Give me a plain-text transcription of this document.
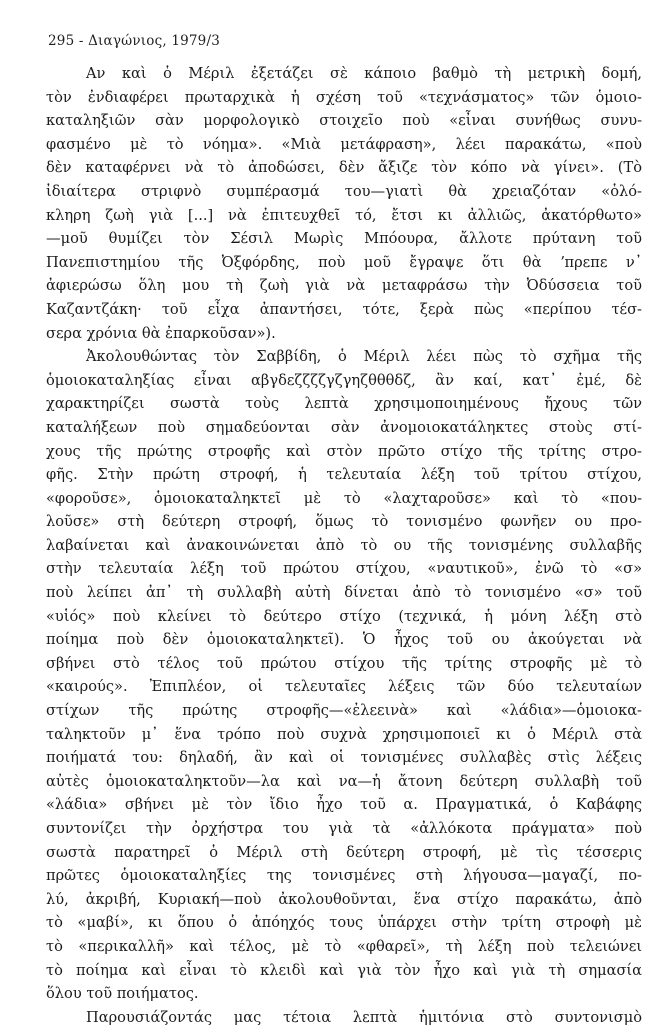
295 - Διαγώνιος, 1979/3
Αν καὶ ὁ Μέριλ ἐξετάζει σὲ κάποιο βαθμὸ τὴ μετρικὴ δομή,
τὸν ἐνδιαφέρει πρωταρχικὰ ἡ σχέση τοῦ «τεχνάσματος» τῶν ὁμοιο-
καταληξιῶν σὰν μορφολογικὸ στοιχεῖο ποὺ «εἶναι συνήθως συνυ-
φασμένο μὲ τὸ νόημα». «Μιὰ μετάφραση», λέει παρακάτω, «ποὺ
δὲν καταφέρνει νὰ τὸ ἀποδώσει, δὲν ἄξιζε τὸν κόπο νὰ γίνει». (Τὸ
ἰδιαίτερα στριφνὸ συμπέρασμά του—γιατὶ θὰ χρειαζόταν «ὁλό-
κληρη ζωὴ γιὰ [...] νὰ ἐπιτευχθεῖ τό, ἔτσι κι ἀλλιῶς, ἀκατόρθωτο»
—μοῦ θυμίζει τὸν Σέσιλ Μωρὶς Μπόουρα, ἄλλοτε πρύτανη τοῦ
Πανεπιστημίου τῆς Ὀξφόρδης, ποὺ μοῦ ἔγραψε ὅτι θὰ ʼπρεπε ν᾿
ἀφιερώσω ὅλη μου τὴ ζωὴ γιὰ νὰ μεταφράσω τὴν Ὀδύσσεια τοῦ
Καζαντζάκη· τοῦ εἶχα ἀπαντήσει, τότε, ξερὰ πὼς «περίπου τέσ-
σερα χρόνια θὰ ἐπαρκοῦσαν»).
Ἀκολουθώντας τὸν Σαββίδη, ὁ Μέριλ λέει πὼς τὸ σχῆμα τῆς
ὁμοιοκαταληξίας εἶναι αβγδεζζζζγζγηζθθθδζ, ἂν καί, κατ᾿ ἐμέ, δὲ
χαρακτηρίζει σωστὰ τοὺς λεπτὰ χρησιμοποιημένους ἤχους τῶν
καταλήξεων ποὺ σημαδεύονται σὰν ἀνομοιοκατάληκτες στοὺς στί-
χους τῆς πρώτης στροφῆς καὶ στὸν πρῶτο στίχο τῆς τρίτης στρο-
φῆς. Στὴν πρώτη στροφή, ἡ τελευταία λέξη τοῦ τρίτου στίχου,
«φοροῦσε», ὁμοιοκαταληκτεῖ μὲ τὸ «λαχταροῦσε» καὶ τὸ «που-
λοῦσε» στὴ δεύτερη στροφή, ὅμως τὸ τονισμένο φωνῆεν ου προ-
λαβαίνεται καὶ ἀνακοινώνεται ἀπὸ τὸ ου τῆς τονισμένης συλλαβῆς
στὴν τελευταία λέξη τοῦ πρώτου στίχου, «ναυτικοῦ», ἐνῶ τὸ «σ»
ποὺ λείπει ἀπ᾿ τὴ συλλαβὴ αὐτὴ δίνεται ἀπὸ τὸ τονισμένο «σ» τοῦ
«υἱός» ποὺ κλείνει τὸ δεύτερο στίχο (τεχνικά, ἡ μόνη λέξη στὸ
ποίημα ποὺ δὲν ὁμοιοκαταληκτεῖ). Ὁ ἦχος τοῦ ου ἀκούγεται νὰ
σβήνει στὸ τέλος τοῦ πρώτου στίχου τῆς τρίτης στροφῆς μὲ τὸ
«καιρούς». Ἐπιπλέον, οἱ τελευταῖες λέξεις τῶν δύο τελευταίων
στίχων τῆς πρώτης στροφῆς—«ἐλεεινὰ» καὶ «λάδια»—ὁμοιοκα-
ταληκτοῦν μ᾿ ἕνα τρόπο ποὺ συχνὰ χρησιμοποιεῖ κι ὁ Μέριλ στὰ
ποιήματά του: δηλαδή, ἂν καὶ οἱ τονισμένες συλλαβὲς στὶς λέξεις
αὐτὲς ὁμοιοκαταληκτοῦν—λα καὶ να—ἡ ἄτονη δεύτερη συλλαβὴ τοῦ
«λάδια» σβήνει μὲ τὸν ἴδιο ἦχο τοῦ α. Πραγματικά, ὁ Καβάφης
συντονίζει τὴν ὀρχήστρα του γιὰ τὰ «ἀλλόκοτα πράγματα» ποὺ
σωστὰ παρατηρεῖ ὁ Μέριλ στὴ δεύτερη στροφή, μὲ τὶς τέσσερις
πρῶτες ὁμοιοκαταληξίες της τονισμένες στὴ λήγουσα—μαγαζί, πο-
λύ, ἀκριβή, Κυριακή—ποὺ ἀκολουθοῦνται, ἕνα στίχο παρακάτω, ἀπὸ
τὸ «μαβί», κι ὅπου ὁ ἀπόηχός τους ὑπάρχει στὴν τρίτη στροφὴ μὲ
τὸ «περικαλλῆ» καὶ τέλος, μὲ τὸ «φθαρεῖ», τὴ λέξη ποὺ τελειώνει
τὸ ποίημα καὶ εἶναι τὸ κλειδὶ καὶ γιὰ τὸν ἦχο καὶ γιὰ τὴ σημασία
ὅλου τοῦ ποιήματος.
Παρουσιάζοντάς μας τέτοια λεπτὰ ἡμιτόνια στὸ συντονισμὸ
